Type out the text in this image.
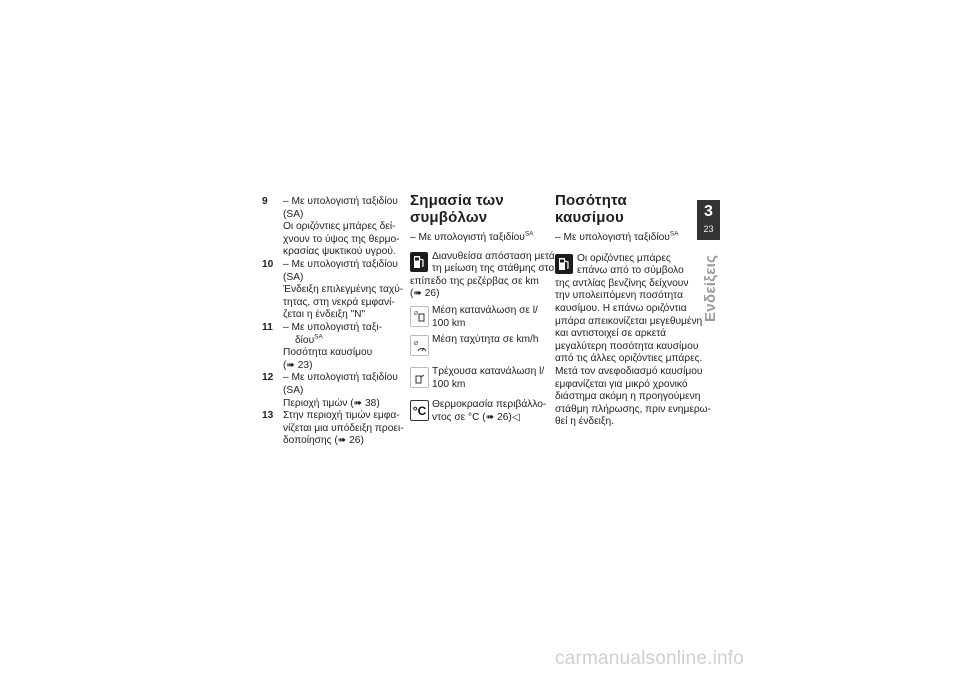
9 – Με υπολογιστή ταξιδίου
(SA)
Οι οριζόντιες μπάρες δεί-
χνουν το ύψος της θερμο-
κρασίας ψυκτικού υγρού.
10 – Με υπολογιστή ταξιδίου
(SA)
Ένδειξη επιλεγμένης ταχύ-
τητας, στη νεκρά εμφανί-
ζεται η ένδειξη "N"
11 – Με υπολογιστή ταξι-
δίου$^{SA}$
Ποσότητα καυσίμου
(➠ 23)
12 – Με υπολογιστή ταξιδίου
(SA)
Περιοχή τιμών (➠ 38)
13 Στην περιοχή τιμών εμφα-
νίζεται μια υπόδειξη προει-
δοποίησης (➠ 26)
Σημασία των
συμβόλων
– Με υπολογιστή ταξιδίου$^{SA}$
Διανυθείσα απόσταση μετά
τη μείωση της στάθμης στο
επίπεδο της ρεζέρβας σε km
(➠ 26)
Ø Μέση κατανάλωση σε l/
100 km
Ø Μέση ταχύτητα σε km/h
Τρέχουσα κατανάλωση l/
100 km
°C Θερμοκρασία περιβάλλο-
ντος σε °C (➠ 26)◁
Ποσότητα καυσίμου
– Με υπολογιστή ταξιδίου$^{SA}$
Οι οριζόντιες μπάρες
επάνω από το σύμβολο
της αντλίας βενζίνης δείχνουν
την υπολειπόμενη ποσότητα
καυσίμου. Η επάνω οριζόντια
μπάρα απεικονίζεται μεγεθυμένη
και αντιστοιχεί σε αρκετά
μεγαλύτερη ποσότητα καυσίμου
από τις άλλες οριζόντιες μπάρες.
Μετά τον ανεφοδιασμό καυσίμου
εμφανίζεται για μικρό χρονικό
διάστημα ακόμη η προηγούμενη
στάθμη πλήρωσης, πριν ενημερω-
θεί η ένδειξη.
3
23
Ενδείξεις
carmanualsonline.info
